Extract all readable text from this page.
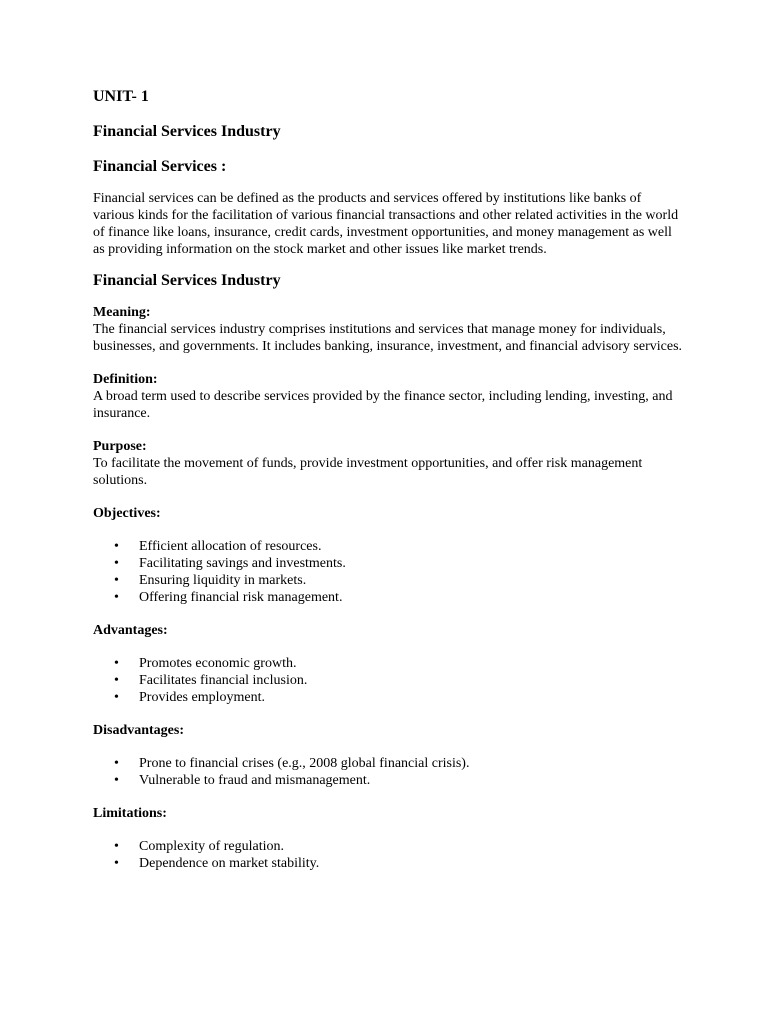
UNIT- 1
Financial Services Industry
Financial Services :

Financial services can be defined as the products and services offered by institutions like banks of various kinds for the facilitation of various financial transactions and other related activities in the world of finance like loans, insurance, credit cards, investment opportunities, and money management as well as providing information on the stock market and other issues like market trends.

Financial Services Industry
Meaning:

The financial services industry comprises institutions and services that manage money for individuals, businesses, and governments. It includes banking, insurance, investment, and financial advisory services.

Definition:

A broad term used to describe services provided by the finance sector, including lending, investing, and insurance.

Purpose:

To facilitate the movement of funds, provide investment opportunities, and offer risk management solutions.

Objectives:
• Efficient allocation of resources.
• Facilitating savings and investments.
• Ensuring liquidity in markets.
• Offering financial risk management.
Advantages:
• Promotes economic growth.
• Facilitates financial inclusion.
• Provides employment.
Disadvantages:
• Prone to financial crises (e.g., 2008 global financial crisis).
• Vulnerable to fraud and mismanagement.
Limitations:
• Complexity of regulation.
• Dependence on market stability.
